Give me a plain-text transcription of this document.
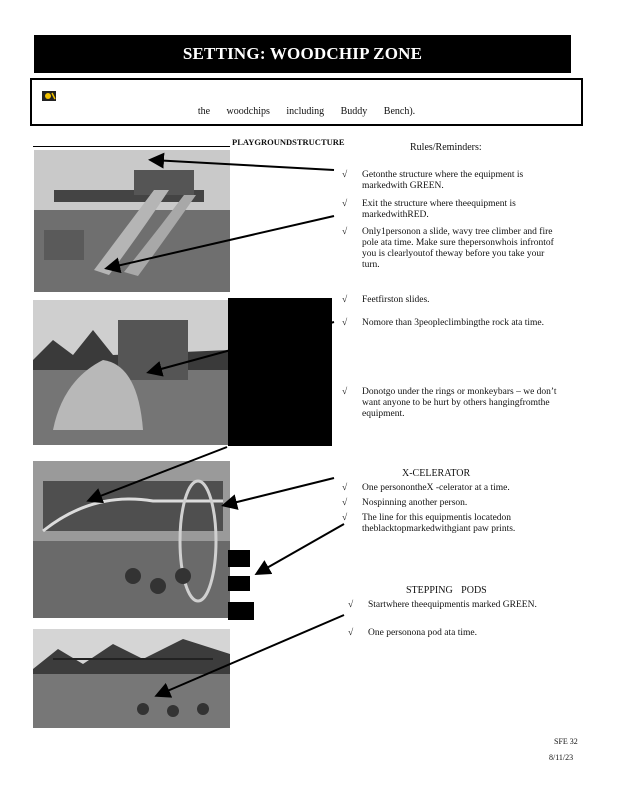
SETTING: WOODCHIP ZONE
the woodchips including Buddy Bench).
PLAYGROUNDSTRUCTURE	Rules/Reminders:
√ Getonthe structure where the equipment is markedwith GREEN.
√ Exit the structure where theequipment is markedwithRED.
√ Only1personon a slide, wavy tree climber and fire pole ata time. Make sure thepersonwhois infrontof you is clearlyoutof theway before you take your turn.
√ Feetfirston slides.
√ Nomore than 3peopleclimbingthe rock ata time.
√ Donotgo under the rings or monkeybars – we don’t want anyone to be hurt by others hangingfromthe equipment.
X-CELERATOR
√ One personontheX -celerator at a time.
√ Nospinning another person.
√ The line for this equipmentis locatedon theblacktopmarkedwithgiant paw prints.
STEPPING PODS
√ Startwhere theequipmentis marked GREEN.
√ One personona pod ata time.
SFE 32
8/11/23
